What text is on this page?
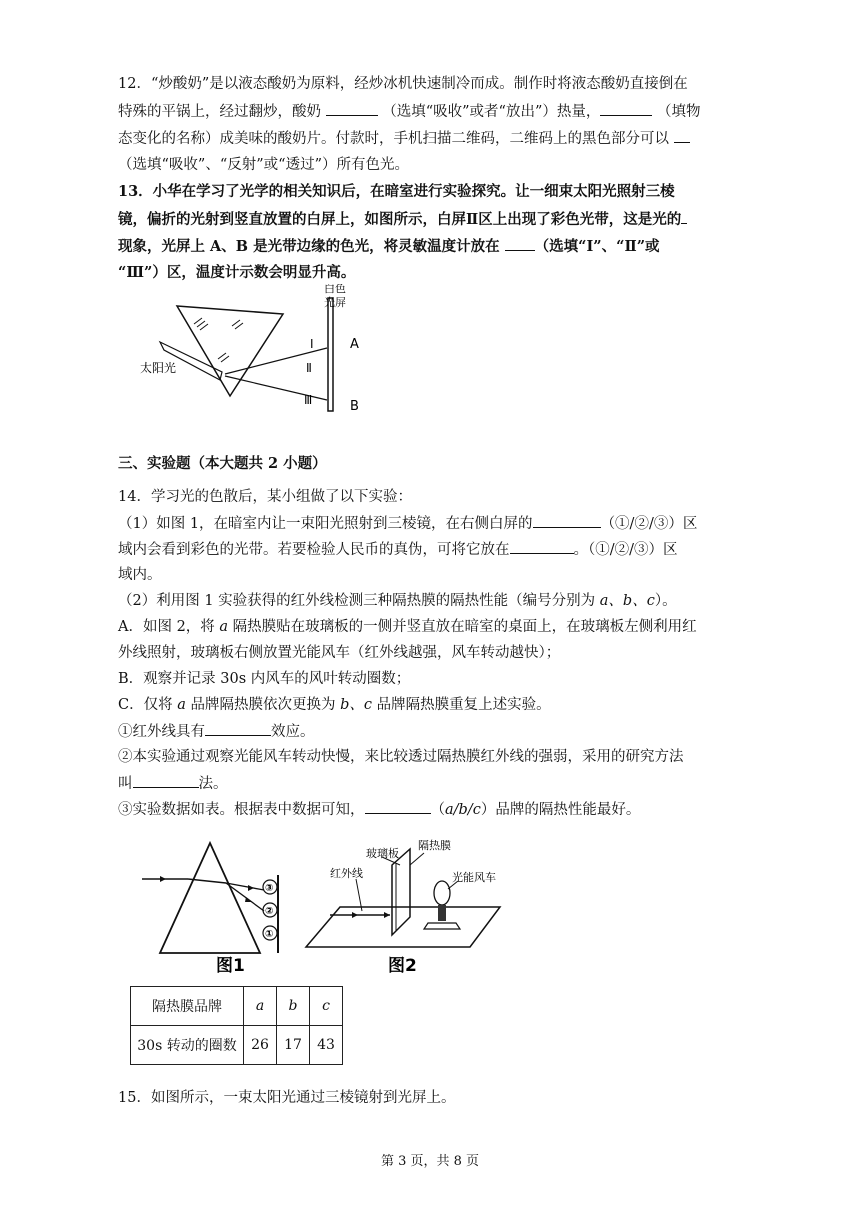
12．“炒酸奶”是以液态酸奶为原料，经炒冰机快速制冷而成。制作时将液态酸奶直接倒在
特殊的平锅上，经过翻炒，酸奶	（选填“吸收”或者“放出”）热量，	（填物
态变化的名称）成美味的酸奶片。付款时，手机扫描二维码，二维码上的黑色部分可以
（选填“吸收”、“反射”或“透过”）所有色光。
13．小华在学习了光学的相关知识后，在暗室进行实验探究。让一细束太阳光照射三棱
镜，偏折的光射到竖直放置的白屏上，如图所示，白屏Ⅱ区上出现了彩色光带，这是光的
现象，光屏上 A、B 是光带边缘的色光，将灵敏温度计放在 （选填“Ⅰ”、“Ⅱ”或
“Ⅲ”）区，温度计示数会明显升高。
太阳光
白色
光屏
Ⅰ
Ⅱ
Ⅲ
A
B
三、实验题（本大题共 2 小题）
14．学习光的色散后，某小组做了以下实验：
（1）如图 1，在暗室内让一束阳光照射到三棱镜，在右侧白屏的	（①/②/③）区
域内会看到彩色的光带。若要检验人民币的真伪，可将它放在	。（①/②/③）区
域内。
（2）利用图 1 实验获得的红外线检测三种隔热膜的隔热性能（编号分别为 a、b、c）。
A．如图 2，将 a 隔热膜贴在玻璃板的一侧并竖直放在暗室的桌面上，在玻璃板左侧利用红
外线照射，玻璃板右侧放置光能风车（红外线越强，风车转动越快）；
B．观察并记录 30s 内风车的风叶转动圈数；
C．仅将 a 品牌隔热膜依次更换为 b、c 品牌隔热膜重复上述实验。
①红外线具有	效应。
②本实验通过观察光能风车转动快慢，来比较透过隔热膜红外线的强弱，采用的研究方法
叫	法。
③实验数据如表。根据表中数据可知，	（a/b/c）品牌的隔热性能最好。
③
②
①
图1
红外线
玻璃板
隔热膜
光能风车
图2
隔热膜品牌	a	b	c
30s 转动的圈数	26	17	43
15．如图所示，一束太阳光通过三棱镜射到光屏上。
第 3 页，共 8 页
